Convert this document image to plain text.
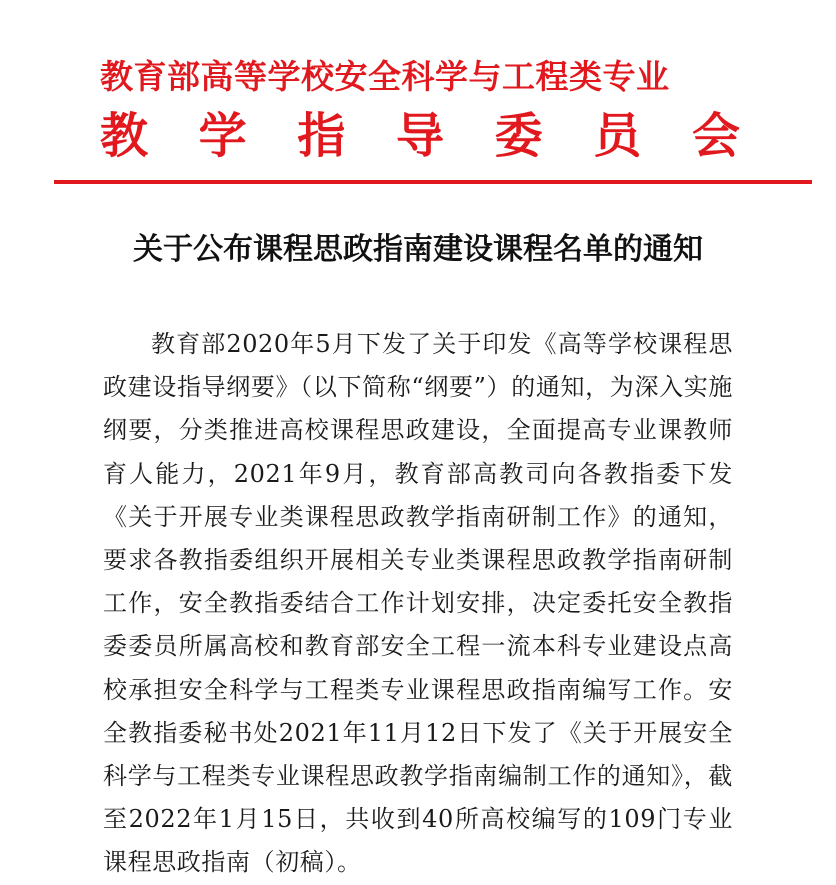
教育部高等学校安全科学与工程类专业
教 学 指 导 委 员 会
关于公布课程思政指南建设课程名单的通知
教育部2020年5月下发了关于印发《高等学校课程思政建设指导纲要》（以下简称“纲要”）的通知，为深入实施纲要，分类推进高校课程思政建设，全面提高专业课教师育人能力，2021年9月，教育部高教司向各教指委下发《关于开展专业类课程思政教学指南研制工作》的通知，要求各教指委组织开展相关专业类课程思政教学指南研制工作，安全教指委结合工作计划安排，决定委托安全教指委委员所属高校和教育部安全工程一流本科专业建设点高校承担安全科学与工程类专业课程思政指南编写工作。安全教指委秘书处2021年11月12日下发了《关于开展安全科学与工程类专业课程思政教学指南编制工作的通知》，截至2022年1月15日，共收到40所高校编写的109门专业课程思政指南（初稿）。
